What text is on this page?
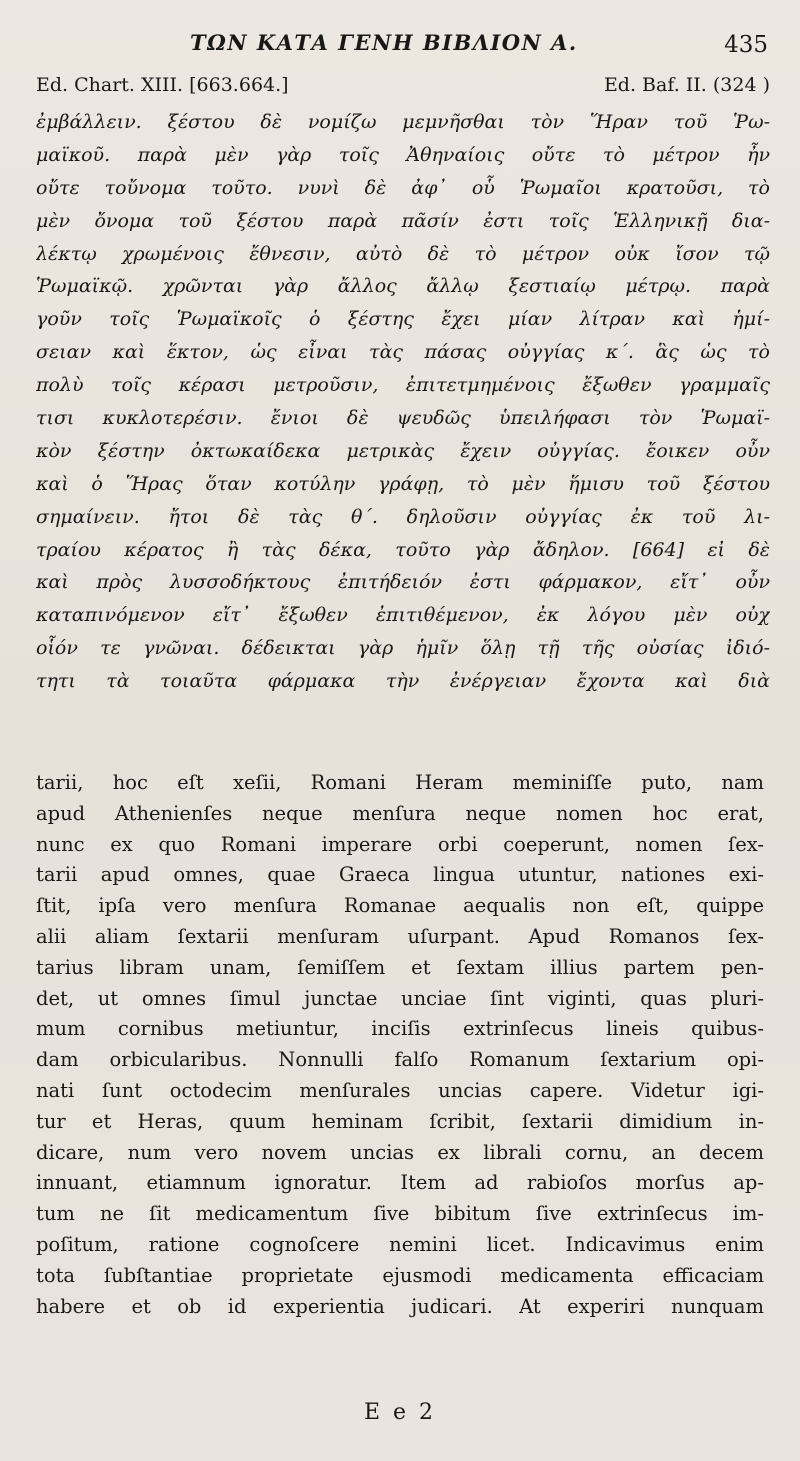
ΤΩΝ ΚΑΤΑ ΓΕΝΗ ΒΙΒΛΙΟΝ Α.	435
Ed. Chart. XIII. [663.664.]	Ed. Baf. II. (324 )
ἐμβάλλειν. ξέστου δὲ νομίζω μεμνῆσθαι τὸν Ἥραν τοῦ Ῥω-
μαϊκοῦ. παρὰ μὲν γὰρ τοῖς Ἀθηναίοις οὔτε τὸ μέτρον ἦν
οὔτε τοὔνομα τοῦτο. νυνὶ δὲ ἀφ᾽ οὗ Ῥωμαῖοι κρατοῦσι, τὸ
μὲν ὄνομα τοῦ ξέστου παρὰ πᾶσίν ἐστι τοῖς Ἑλληνικῇ δια-
λέκτῳ χρωμένοις ἔθνεσιν, αὐτὸ δὲ τὸ μέτρον οὐκ ἴσον τῷ
Ῥωμαϊκῷ. χρῶνται γὰρ ἄλλος ἄλλῳ ξεστιαίῳ μέτρῳ. παρὰ
γοῦν τοῖς Ῥωμαϊκοῖς ὁ ξέστης ἔχει μίαν λίτραν καὶ ἡμί-
σειαν καὶ ἕκτον, ὡς εἶναι τὰς πάσας οὐγγίας κ΄. ἃς ὡς τὸ
πολὺ τοῖς κέρασι μετροῦσιν, ἐπιτετμημένοις ἔξωθεν γραμμαῖς
τισι κυκλοτερέσιν. ἔνιοι δὲ ψευδῶς ὑπειλήφασι τὸν Ῥωμαϊ-
κὸν ξέστην ὀκτωκαίδεκα μετρικὰς ἔχειν οὐγγίας. ἔοικεν οὖν
καὶ ὁ Ἥρας ὅταν κοτύλην γράφῃ, τὸ μὲν ἥμισυ τοῦ ξέστου
σημαίνειν. ἤτοι δὲ τὰς θ΄. δηλοῦσιν οὐγγίας ἐκ τοῦ λι-
τραίου κέρατος ἢ τὰς δέκα, τοῦτο γὰρ ἄδηλον. [664] εἰ δὲ
καὶ πρὸς λυσσοδήκτους ἐπιτήδειόν ἐστι φάρμακον, εἴτ᾽ οὖν
καταπινόμενον εἴτ᾽ ἔξωθεν ἐπιτιθέμενον, ἐκ λόγου μὲν οὐχ
οἷόν τε γνῶναι. δέδεικται γὰρ ἡμῖν ὅλῃ τῇ τῆς οὐσίας ἰδιό-
τητι τὰ τοιαῦτα φάρμακα τὴν ἐνέργειαν ἔχοντα καὶ διὰ
tarii, hoc eſt xeſii, Romani Heram meminiſſe puto, nam
apud Athenienſes neque menſura neque nomen hoc erat,
nunc ex quo Romani imperare orbi coeperunt, nomen ſex-
tarii apud omnes, quae Graeca lingua utuntur, nationes exi-
ſtit, ipſa vero menſura Romanae aequalis non eſt, quippe
alii aliam ſextarii menſuram uſurpant. Apud Romanos ſex-
tarius libram unam, ſemiſſem et ſextam illius partem pen-
det, ut omnes ſimul junctae unciae ſint viginti, quas pluri-
mum cornibus metiuntur, inciſis extrinſecus lineis quibus-
dam orbicularibus. Nonnulli falſo Romanum ſextarium opi-
nati ſunt octodecim menſurales uncias capere. Videtur igi-
tur et Heras, quum heminam ſcribit, ſextarii dimidium in-
dicare, num vero novem uncias ex librali cornu, an decem
innuant, etiamnum ignoratur. Item ad rabioſos morſus ap-
tum ne ſit medicamentum ſive bibitum ſive extrinſecus im-
poſitum, ratione cognoſcere nemini licet. Indicavimus enim
tota ſubſtantiae proprietate ejusmodi medicamenta efficaciam
habere et ob id experientia judicari. At experiri nunquam
E e 2
